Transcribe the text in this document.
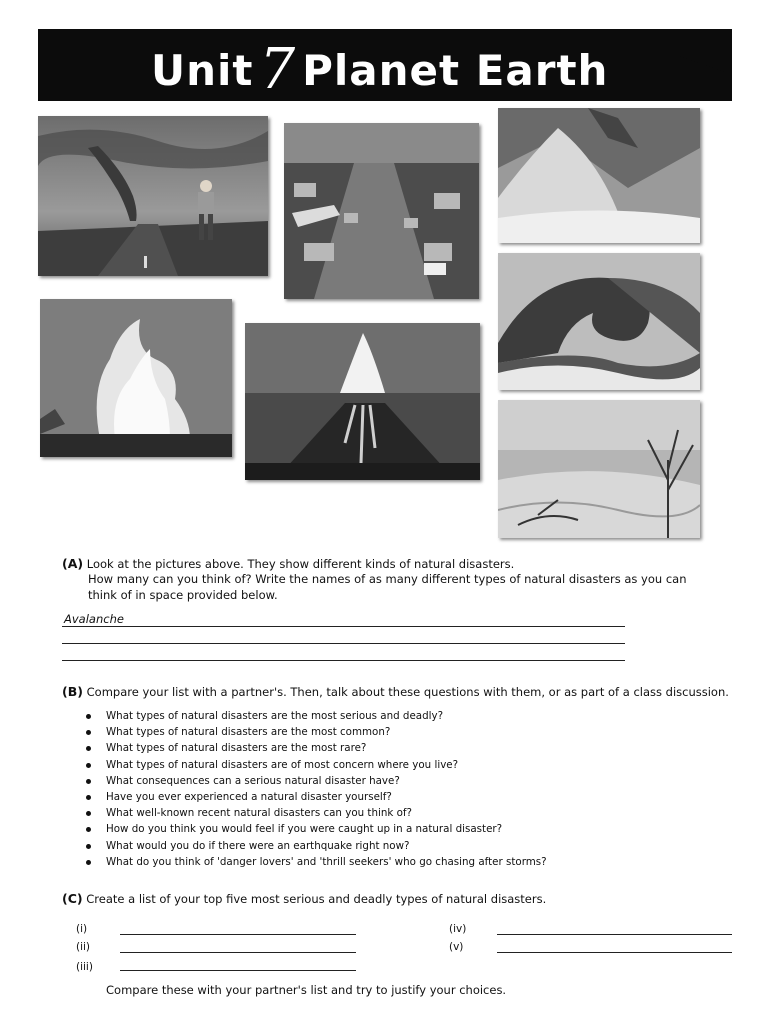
Unit 7 Planet Earth
(A) Look at the pictures above. They show different kinds of natural disasters.
How many can you think of? Write the names of as many different types of natural disasters as you can
think of in space provided below.
Avalanche
(B) Compare your list with a partner's. Then, talk about these questions with them, or as part of a class discussion.
What types of natural disasters are the most serious and deadly?
What types of natural disasters are the most common?
What types of natural disasters are the most rare?
What types of natural disasters are of most concern where you live?
What consequences can a serious natural disaster have?
Have you ever experienced a natural disaster yourself?
What well-known recent natural disasters can you think of?
How do you think you would feel if you were caught up in a natural disaster?
What would you do if there were an earthquake right now?
What do you think of 'danger lovers' and 'thrill seekers' who go chasing after storms?
(C) Create a list of your top five most serious and deadly types of natural disasters.
(i)
(ii)
(iii)
(iv)
(v)
Compare these with your partner's list and try to justify your choices.
